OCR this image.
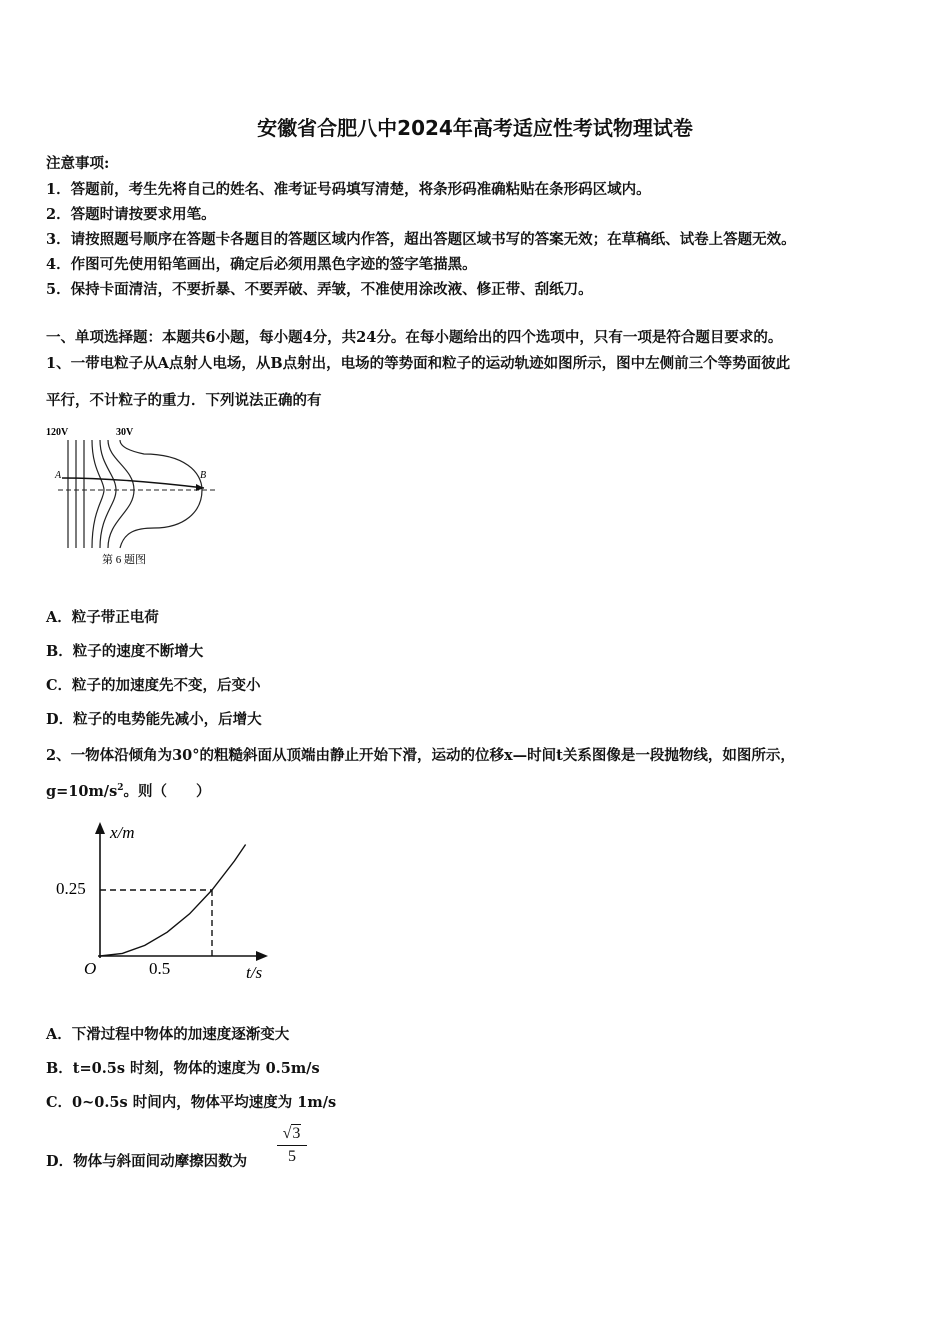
安徽省合肥八中2024年高考适应性考试物理试卷
注意事项:
1．答题前，考生先将自己的姓名、准考证号码填写清楚，将条形码准确粘贴在条形码区域内。
2．答题时请按要求用笔。
3．请按照题号顺序在答题卡各题目的答题区域内作答，超出答题区域书写的答案无效；在草稿纸、试卷上答题无效。
4．作图可先使用铅笔画出，确定后必须用黑色字迹的签字笔描黑。
5．保持卡面清洁，不要折暴、不要弄破、弄皱，不准使用涂改液、修正带、刮纸刀。
一、单项选择题：本题共6小题，每小题4分，共24分。在每小题给出的四个选项中，只有一项是符合题目要求的。
1、一带电粒子从A点射人电场，从B点射出，电场的等势面和粒子的运动轨迹如图所示，图中左侧前三个等势面彼此
平行，不计粒子的重力．下列说法正确的有
120V	30V
A	B
第 6 题图
A．粒子带正电荷
B．粒子的速度不断增大
C．粒子的加速度先不变，后变小
D．粒子的电势能先减小，后增大
2、一物体沿倾角为30°的粗糙斜面从顶端由静止开始下滑，运动的位移x—时间t关系图像是一段抛物线，如图所示，
$g=10m/s^2$。则（　　）
x/m
0.25
O	0.5	t/s
A．下滑过程中物体的加速度逐渐变大
B．t=0.5s 时刻，物体的速度为 0.5m/s
C．0~0.5s 时间内，物体平均速度为 1m/s
D．物体与斜面间动摩擦因数为 $\frac{√3}{5}$
